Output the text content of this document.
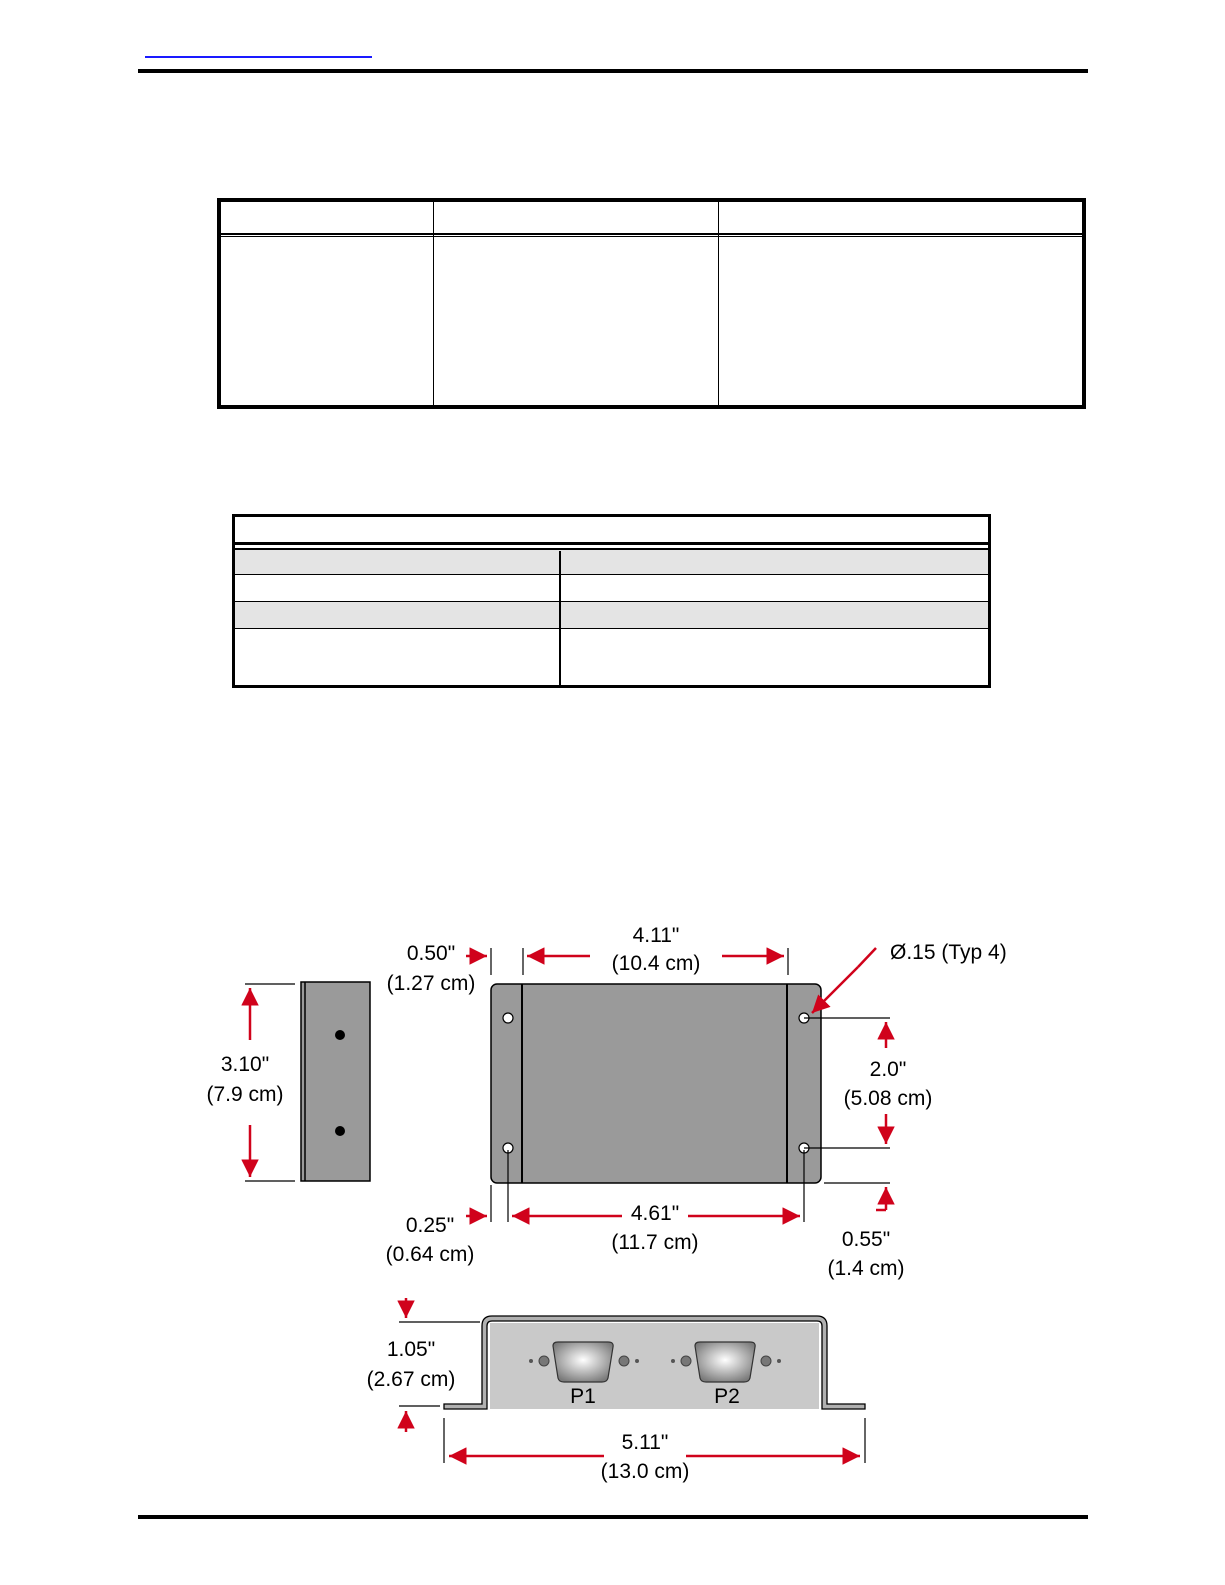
3.10"
(7.9 cm)
0.50"
(1.27 cm)
4.11"
(10.4 cm)	Ø.15 (Typ 4)
2.0"
(5.08 cm)
0.25"
(0.64 cm)
4.61"
(11.7 cm)	0.55"
(1.4 cm)
P1	P2
1.05"
(2.67 cm)
5.11"
(13.0 cm)
